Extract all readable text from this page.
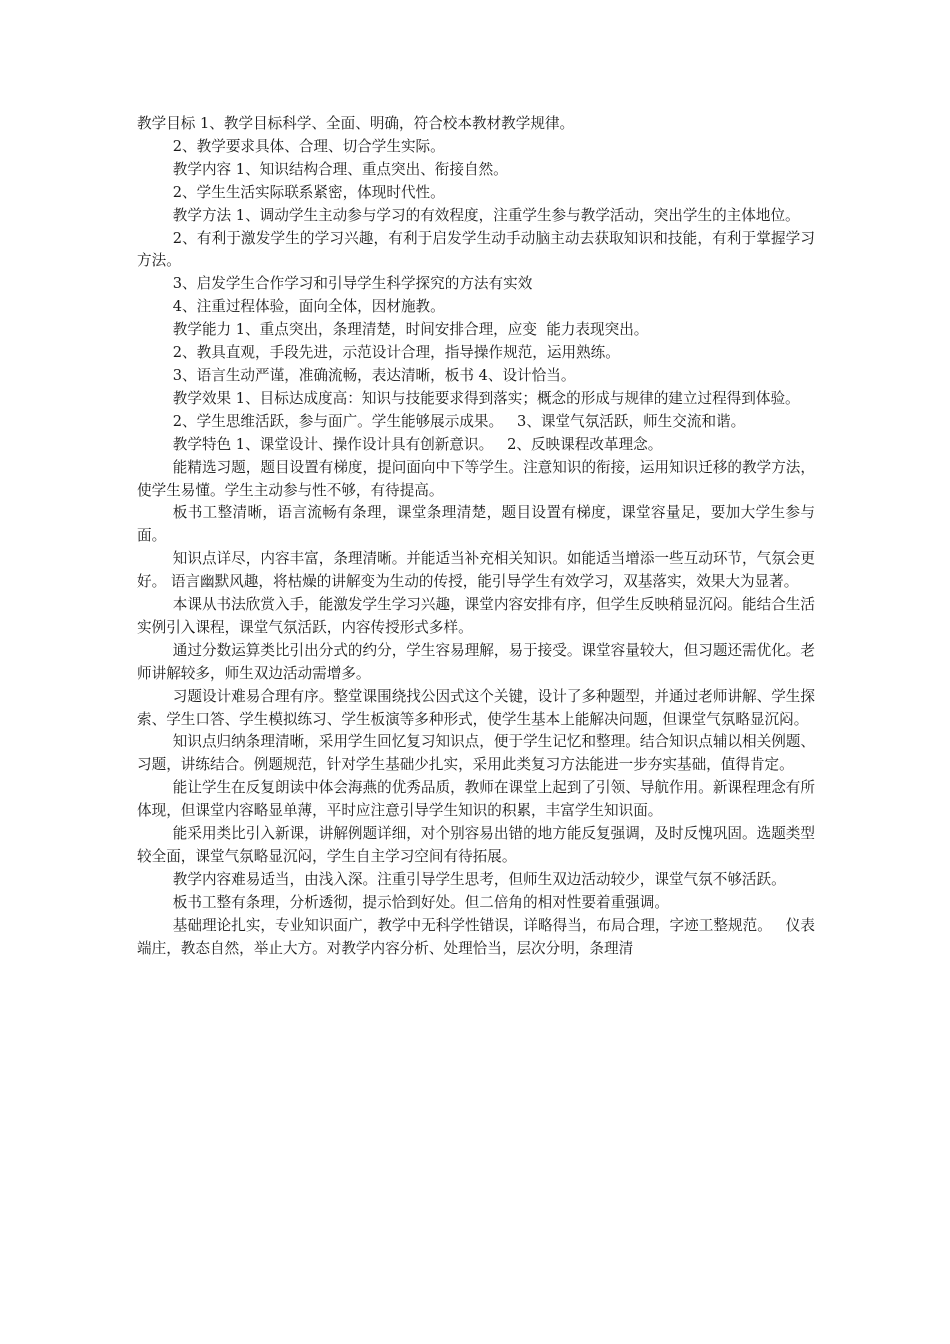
教学目标 1、教学目标科学、全面、明确，符合校本教材教学规律。

2、教学要求具体、合理、切合学生实际。

教学内容 1、知识结构合理、重点突出、衔接自然。

2、学生生活实际联系紧密，体现时代性。

教学方法 1、调动学生主动参与学习的有效程度，注重学生参与教学活动，突出学生的主体地位。

2、有利于激发学生的学习兴趣，有利于启发学生动手动脑主动去获取知识和技能，有利于掌握学习方法。

3、启发学生合作学习和引导学生科学探究的方法有实效

4、注重过程体验，面向全体，因材施教。

教学能力 1、重点突出，条理清楚，时间安排合理，应变  能力表现突出。

2、教具直观，手段先进，示范设计合理，指导操作规范，运用熟练。

3、语言生动严谨，准确流畅，表达清晰，板书 4、设计恰当。

教学效果 1、目标达成度高：知识与技能要求得到落实；概念的形成与规律的建立过程得到体验。

2、学生思维活跃，参与面广。学生能够展示成果。   3、课堂气氛活跃，师生交流和谐。

教学特色 1、课堂设计、操作设计具有创新意识。   2、反映课程改革理念。

能精选习题，题目设置有梯度，提问面向中下等学生。注意知识的衔接，运用知识迁移的教学方法，使学生易懂。学生主动参与性不够，有待提高。

板书工整清晰，语言流畅有条理，课堂条理清楚，题目设置有梯度，课堂容量足，要加大学生参与面。

知识点详尽，内容丰富，条理清晰。并能适当补充相关知识。如能适当增添一些互动环节，气氛会更好。 语言幽默风趣，将枯燥的讲解变为生动的传授，能引导学生有效学习，双基落实，效果大为显著。

本课从书法欣赏入手，能激发学生学习兴趣，课堂内容安排有序，但学生反映稍显沉闷。能结合生活实例引入课程，课堂气氛活跃，内容传授形式多样。

通过分数运算类比引出分式的约分，学生容易理解，易于接受。课堂容量较大，但习题还需优化。老师讲解较多，师生双边活动需增多。

习题设计难易合理有序。整堂课围绕找公因式这个关键，设计了多种题型，并通过老师讲解、学生探索、学生口答、学生模拟练习、学生板演等多种形式，使学生基本上能解决问题，但课堂气氛略显沉闷。

知识点归纳条理清晰，采用学生回忆复习知识点，便于学生记忆和整理。结合知识点辅以相关例题、习题，讲练结合。例题规范，针对学生基础少扎实，采用此类复习方法能进一步夯实基础，值得肯定。

能让学生在反复朗读中体会海燕的优秀品质，教师在课堂上起到了引领、导航作用。新课程理念有所体现，但课堂内容略显单薄，平时应注意引导学生知识的积累，丰富学生知识面。

能采用类比引入新课，讲解例题详细，对个别容易出错的地方能反复强调，及时反愧巩固。选题类型较全面，课堂气氛略显沉闷，学生自主学习空间有待拓展。

教学内容难易适当，由浅入深。注重引导学生思考，但师生双边活动较少，课堂气氛不够活跃。

板书工整有条理，分析透彻，提示恰到好处。但二倍角的相对性要着重强调。

基础理论扎实，专业知识面广，教学中无科学性错误，详略得当，布局合理，字迹工整规范。   仪表端庄，教态自然，举止大方。对教学内容分析、处理恰当，层次分明，条理清
